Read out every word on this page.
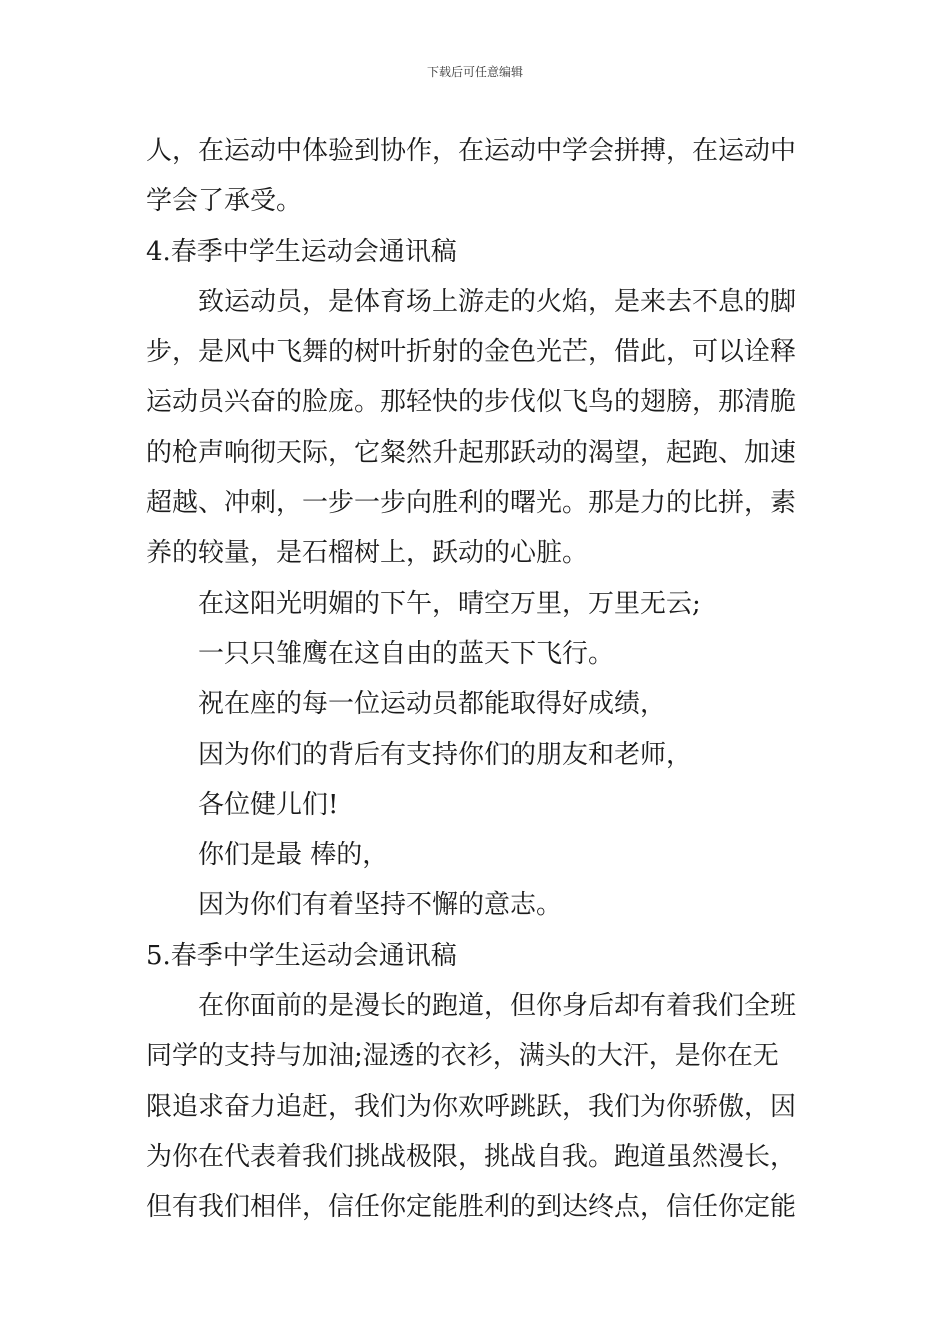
下载后可任意编辑
人，在运动中体验到协作，在运动中学会拼搏，在运动中
学会了承受。
4.春季中学生运动会通讯稿
致运动员，是体育场上游走的火焰，是来去不息的脚
步，是风中飞舞的树叶折射的金色光芒，借此，可以诠释
运动员兴奋的脸庞。那轻快的步伐似飞鸟的翅膀，那清脆
的枪声响彻天际，它粲然升起那跃动的渴望，起跑、加速
超越、冲刺，一步一步向胜利的曙光。那是力的比拼，素
养的较量，是石榴树上，跃动的心脏。
在这阳光明媚的下午，晴空万里，万里无云;
一只只雏鹰在这自由的蓝天下飞行。
祝在座的每一位运动员都能取得好成绩，
因为你们的背后有支持你们的朋友和老师，
各位健儿们!
你们是最 棒的，
因为你们有着坚持不懈的意志。
5.春季中学生运动会通讯稿
在你面前的是漫长的跑道，但你身后却有着我们全班
同学的支持与加油;湿透的衣衫，满头的大汗，是你在无
限追求奋力追赶，我们为你欢呼跳跃，我们为你骄傲，因
为你在代表着我们挑战极限，挑战自我。跑道虽然漫长，
但有我们相伴，信任你定能胜利的到达终点，信任你定能
